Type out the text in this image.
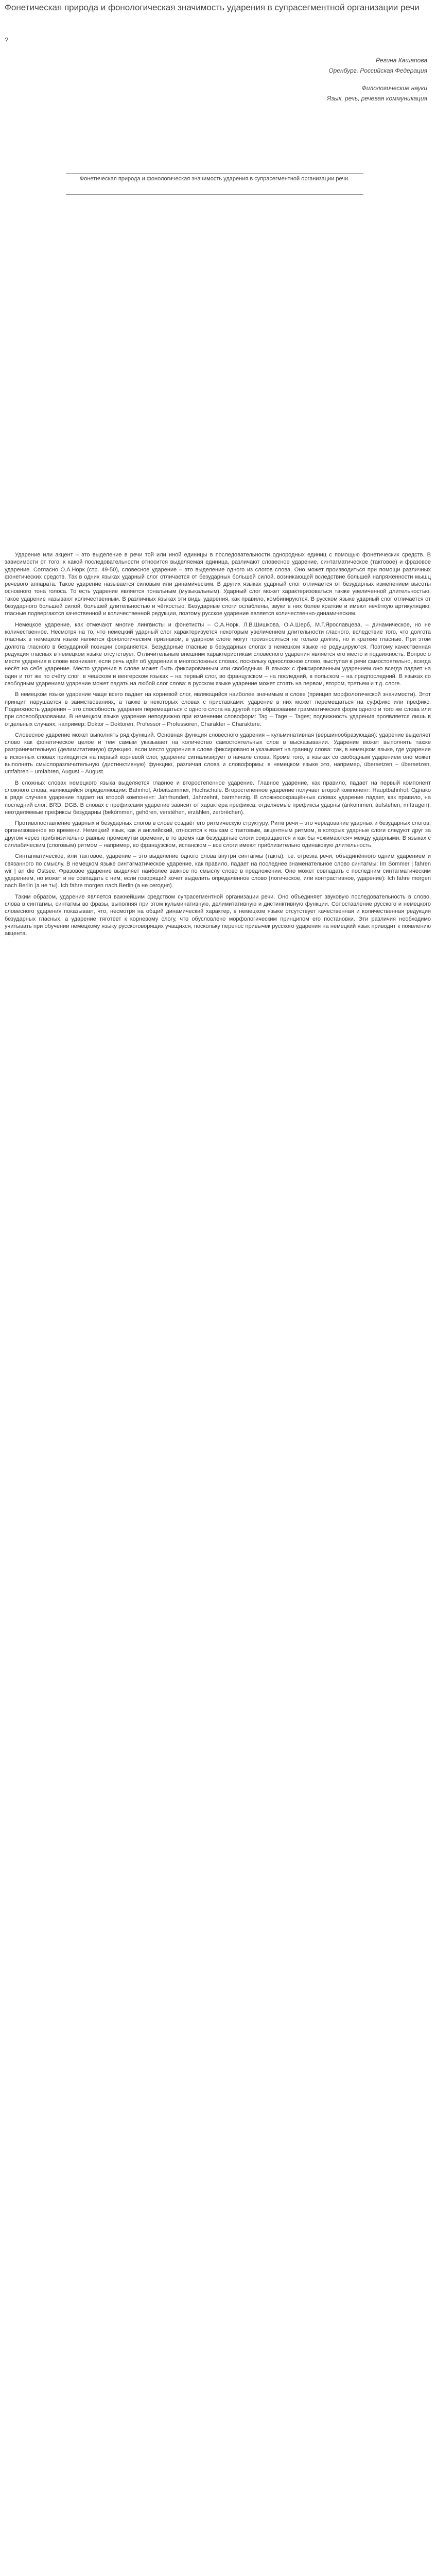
Фонетическая природа и фонологическая значимость ударения в супрасегментной организации речи
?
Регина Кашапова
Оренбург, Российская Федерация
Филологические науки
Язык, речь, речевая коммуникация
Фонетическая природа и фонологическая значимость ударения в супрасегментной организации речи.

Ударение или акцент – это выделение в речи той или иной единицы в последовательности однородных единиц с помощью фонетических средств. В зависимости от того, к какой последовательности относится выделяемая единица, различают словесное ударение, синтагматическое (тактовое) и фразовое ударение. Согласно О.А.Норк (стр. 49-50), словесное ударение – это выделение одного из слогов слова. Оно может производиться при помощи различных фонетических средств. Так в одних языках ударный слог отличается от безударных большей силой, возникающей вследствие большей напряжённости мышц речевого аппарата. Такое ударение называется силовым или динамическим. В других языках ударный слог отличается от безударных изменением высоты основного тона голоса. То есть ударение является тональным (музыкальным). Ударный слог может характеризоваться также увеличенной длительностью, такое ударение называют количественным. В различных языках эти виды ударения, как правило, комбинируются. В русском языке ударный слог отличается от безударного большей силой, большей длительностью и чёткостью. Безударные слоги ослаблены, звуки в них более краткие и имеют нечёткую артикуляцию, гласные подвергаются качественной и количественной редукции, поэтому русское ударение является количественно-динамическим.

Немецкое ударение, как отмечают многие лингвисты и фонетисты – О.А.Норк, Л.В.Шишкова, О.А.Шерб, М.Г.Ярославцева, – динамическое, но не количественное. Несмотря на то, что немецкий ударный слог характеризуется некоторым увеличением длительности гласного, вследствие того, что долгота гласных в немецком языке является фонологическим признаком, в ударном слоге могут произноситься не только долгие, но и краткие гласные. При этом долгота гласного в безударной позиции сохраняется. Безударные гласные в безударных слогах в немецком языке не редуцируются. Поэтому качественная редукция гласных в немецком языке отсутствует. Отличительным внешним характеристикам словесного ударения является его место и подвижность. Вопрос о месте ударения в слове возникает, если речь идёт об ударении в многосложных словах, поскольку односложное слово, выступая в речи самостоятельно, всегда несёт на себе ударение. Место ударения в слове может быть фиксированным или свободным. В языках с фиксированным ударением оно всегда падает на один и тот же по счёту слог: в чешском и венгерском языках – на первый слог, во французском – на последний, в польском – на предпоследний. В языках со свободным ударением ударение может падать на любой слог слова: в русском языке ударение может стоять на первом, втором, третьем и т.д. слоге.

В немецком языке ударение чаще всего падает на корневой слог, являющийся наиболее значимым в слове (принцип морфологической значимости). Этот принцип нарушается в заимствованиях, а также в некоторых словах с приставками: ударение в них может перемещаться на суффикс или префикс. Подвижность ударения – это способность ударения перемещаться с одного слога на другой при образовании грамматических форм одного и того же слова или при словообразовании. В немецком языке ударение неподвижно при изменении словоформ: Tag – Tage – Tages; подвижность ударения проявляется лишь в отдельных случаях, например: Doktor – Doktoren, Professor – Professoren, Charakter – Charaktere.

Словесное ударение может выполнять ряд функций. Основная функция словесного ударения – кульминативная (вершинообразующая): ударение выделяет слово как фонетическое целое и тем самым указывает на количество самостоятельных слов в высказывании. Ударение может выполнять также разграничительную (делимитативную) функцию, если место ударения в слове фиксировано и указывает на границу слова: так, в немецком языке, где ударение в исконных словах приходится на первый корневой слог, ударение сигнализирует о начале слова. Кроме того, в языках со свободным ударением оно может выполнять смыслоразличительную (дистинктивную) функцию, различая слова и словоформы: в немецком языке это, например, übersetzen – übersetzen, umfahren – umfahren, August – August.

В сложных словах немецкого языка выделяется главное и второстепенное ударение. Главное ударение, как правило, падает на первый компонент сложного слова, являющийся определяющим: Bahnhof, Arbeitszimmer, Hochschule. Второстепенное ударение получает второй компонент: Hauptbahnhof. Однако в ряде случаев ударение падает на второй компонент: Jahrhundert, Jahrzehnt, barmherzig. В сложносокращённых словах ударение падает, как правило, на последний слог: BRD, DGB. В словах с префиксами ударение зависит от характера префикса: отделяемые префиксы ударны (ánkommen, áufstehen, míttragen), неотделяемые префиксы безударны (bekómmen, gehören, verstéhen, erzählen, zerbréchen).

Противопоставление ударных и безударных слогов в слове создаёт его ритмическую структуру. Ритм речи – это чередование ударных и безударных слогов, организованное во времени. Немецкий язык, как и английский, относится к языкам с тактовым, акцентным ритмом, в которых ударные слоги следуют друг за другом через приблизительно равные промежутки времени, в то время как безударные слоги сокращаются и как бы «сжимаются» между ударными. В языках с силлабическим (слоговым) ритмом – например, во французском, испанском – все слоги имеют приблизительно одинаковую длительность.

Синтагматическое, или тактовое, ударение – это выделение одного слова внутри синтагмы (такта), т.е. отрезка речи, объединённого одним ударением и связанного по смыслу. В немецком языке синтагматическое ударение, как правило, падает на последнее знаменательное слово синтагмы: Im Sommer | fahren wir | an die Ostsee. Фразовое ударение выделяет наиболее важное по смыслу слово в предложении. Оно может совпадать с последним синтагматическим ударением, но может и не совпадать с ним, если говорящий хочет выделить определённое слово (логическое, или контрастивное, ударение): Ich fahre morgen nach Berlin (а не ты). Ich fahre morgen nach Berlin (а не сегодня).

Таким образом, ударение является важнейшим средством супрасегментной организации речи. Оно объединяет звуковую последовательность в слово, слова в синтагмы, синтагмы во фразы, выполняя при этом кульминативную, делимитативную и дистинктивную функции. Сопоставление русского и немецкого словесного ударения показывает, что, несмотря на общий динамический характер, в немецком языке отсутствует качественная и количественная редукция безударных гласных, а ударение тяготеет к корневому слогу, что обусловлено морфологическим принципом его постановки. Эти различия необходимо учитывать при обучении немецкому языку русскоговорящих учащихся, поскольку перенос привычек русского ударения на немецкий язык приводит к появлению акцента.
